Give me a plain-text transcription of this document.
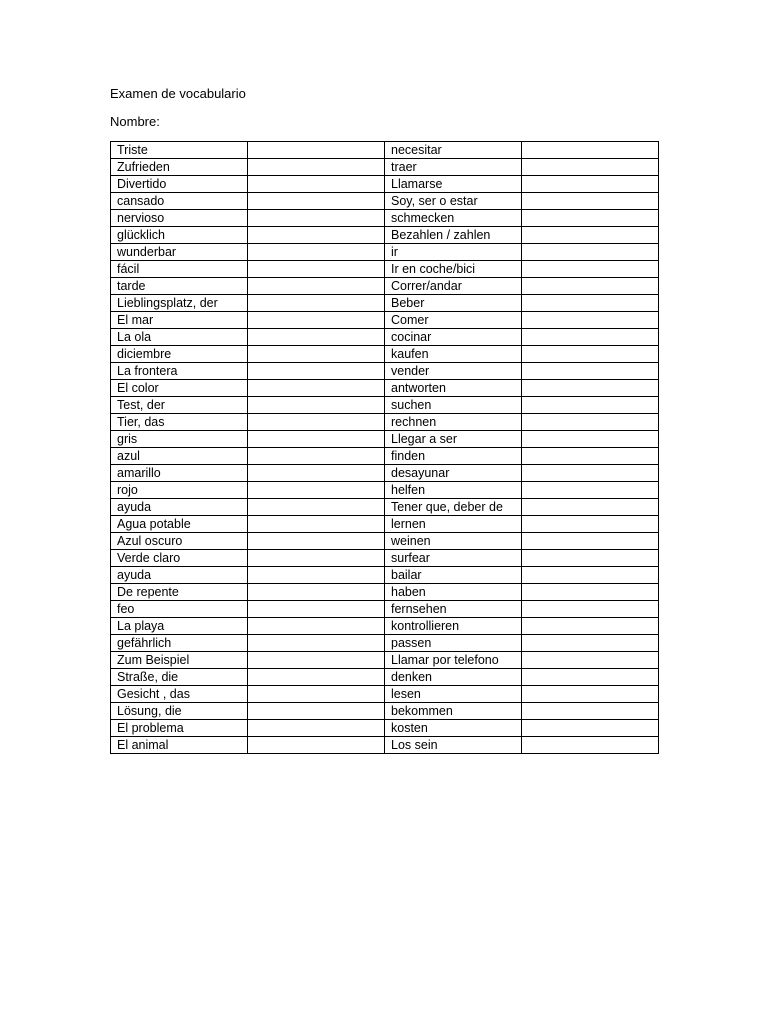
Examen de vocabulario
Nombre:
Triste		necesitar	
Zufrieden		traer	
Divertido		Llamarse	
cansado		Soy, ser o estar	
nervioso		schmecken	
glücklich		Bezahlen / zahlen	
wunderbar		ir	
fácil		Ir en coche/bici	
tarde		Correr/andar	
Lieblingsplatz, der		Beber	
El mar		Comer	
La ola		cocinar	
diciembre		kaufen	
La frontera		vender	
El color		antworten	
Test, der		suchen	
Tier, das		rechnen	
gris		Llegar a ser	
azul		finden	
amarillo		desayunar	
rojo		helfen	
ayuda		Tener que, deber de	
Agua potable		lernen	
Azul oscuro		weinen	
Verde claro		surfear	
ayuda		bailar	
De repente		haben	
feo		fernsehen	
La playa		kontrollieren	
gefährlich		passen	
Zum Beispiel		Llamar por telefono	
Straße, die		denken	
Gesicht , das		lesen	
Lösung, die		bekommen	
El problema		kosten	
El animal		Los sein	
